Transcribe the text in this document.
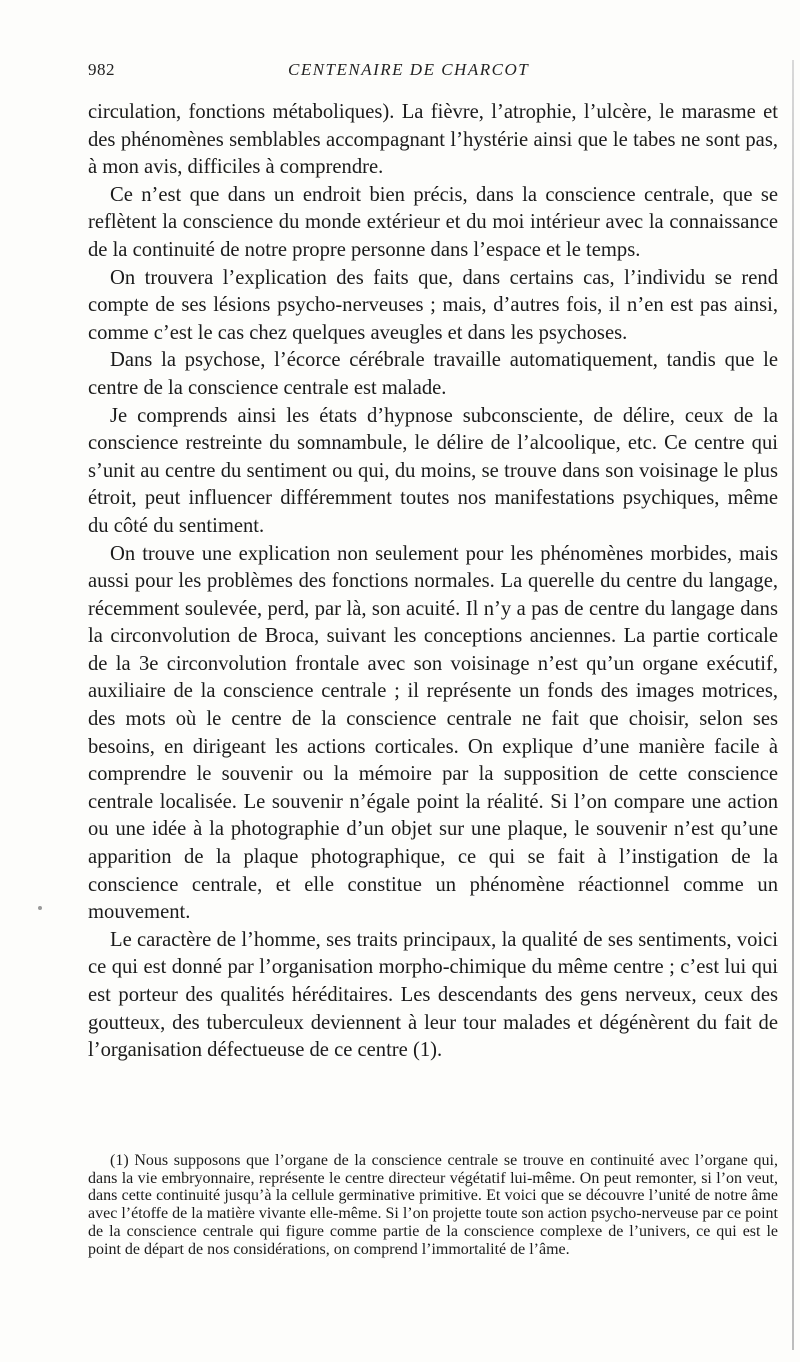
982	CENTENAIRE DE CHARCOT

circulation, fonctions métaboliques). La fièvre, l’atrophie, l’ulcère, le marasme et des phénomènes semblables accompagnant l’hystérie ainsi que le tabes ne sont pas, à mon avis, difficiles à comprendre.

Ce n’est que dans un endroit bien précis, dans la conscience centrale, que se reflètent la conscience du monde extérieur et du moi intérieur avec la connaissance de la continuité de notre propre personne dans l’espace et le temps.

On trouvera l’explication des faits que, dans certains cas, l’individu se rend compte de ses lésions psycho-nerveuses ; mais, d’autres fois, il n’en est pas ainsi, comme c’est le cas chez quelques aveugles et dans les psychoses.

Dans la psychose, l’écorce cérébrale travaille automatiquement, tandis que le centre de la conscience centrale est malade.

Je comprends ainsi les états d’hypnose subconsciente, de délire, ceux de la conscience restreinte du somnambule, le délire de l’alcoolique, etc. Ce centre qui s’unit au centre du sentiment ou qui, du moins, se trouve dans son voisinage le plus étroit, peut influencer différemment toutes nos manifestations psychiques, même du côté du sentiment.

On trouve une explication non seulement pour les phénomènes morbides, mais aussi pour les problèmes des fonctions normales. La querelle du centre du langage, récemment soulevée, perd, par là, son acuité. Il n’y a pas de centre du langage dans la circonvolution de Broca, suivant les conceptions anciennes. La partie corticale de la 3e circonvolution frontale avec son voisinage n’est qu’un organe exécutif, auxiliaire de la conscience centrale ; il représente un fonds des images motrices, des mots où le centre de la conscience centrale ne fait que choisir, selon ses besoins, en dirigeant les actions corticales. On explique d’une manière facile à comprendre le souvenir ou la mémoire par la supposition de cette conscience centrale localisée. Le souvenir n’égale point la réalité. Si l’on compare une action ou une idée à la photographie d’un objet sur une plaque, le souvenir n’est qu’une apparition de la plaque photographique, ce qui se fait à l’instigation de la conscience centrale, et elle constitue un phénomène réactionnel comme un mouvement.

Le caractère de l’homme, ses traits principaux, la qualité de ses sentiments, voici ce qui est donné par l’organisation morpho-chimique du même centre ; c’est lui qui est porteur des qualités héréditaires. Les descendants des gens nerveux, ceux des goutteux, des tuberculeux deviennent à leur tour malades et dégénèrent du fait de l’organisation défectueuse de ce centre (1).

(1) Nous supposons que l’organe de la conscience centrale se trouve en continuité avec l’organe qui, dans la vie embryonnaire, représente le centre directeur végétatif lui-même. On peut remonter, si l’on veut, dans cette continuité jusqu’à la cellule germinative primitive. Et voici que se découvre l’unité de notre âme avec l’étoffe de la matière vivante elle-même. Si l’on projette toute son action psycho-nerveuse par ce point de la conscience centrale qui figure comme partie de la conscience complexe de l’univers, ce qui est le point de départ de nos considérations, on comprend l’immortalité de l’âme.
